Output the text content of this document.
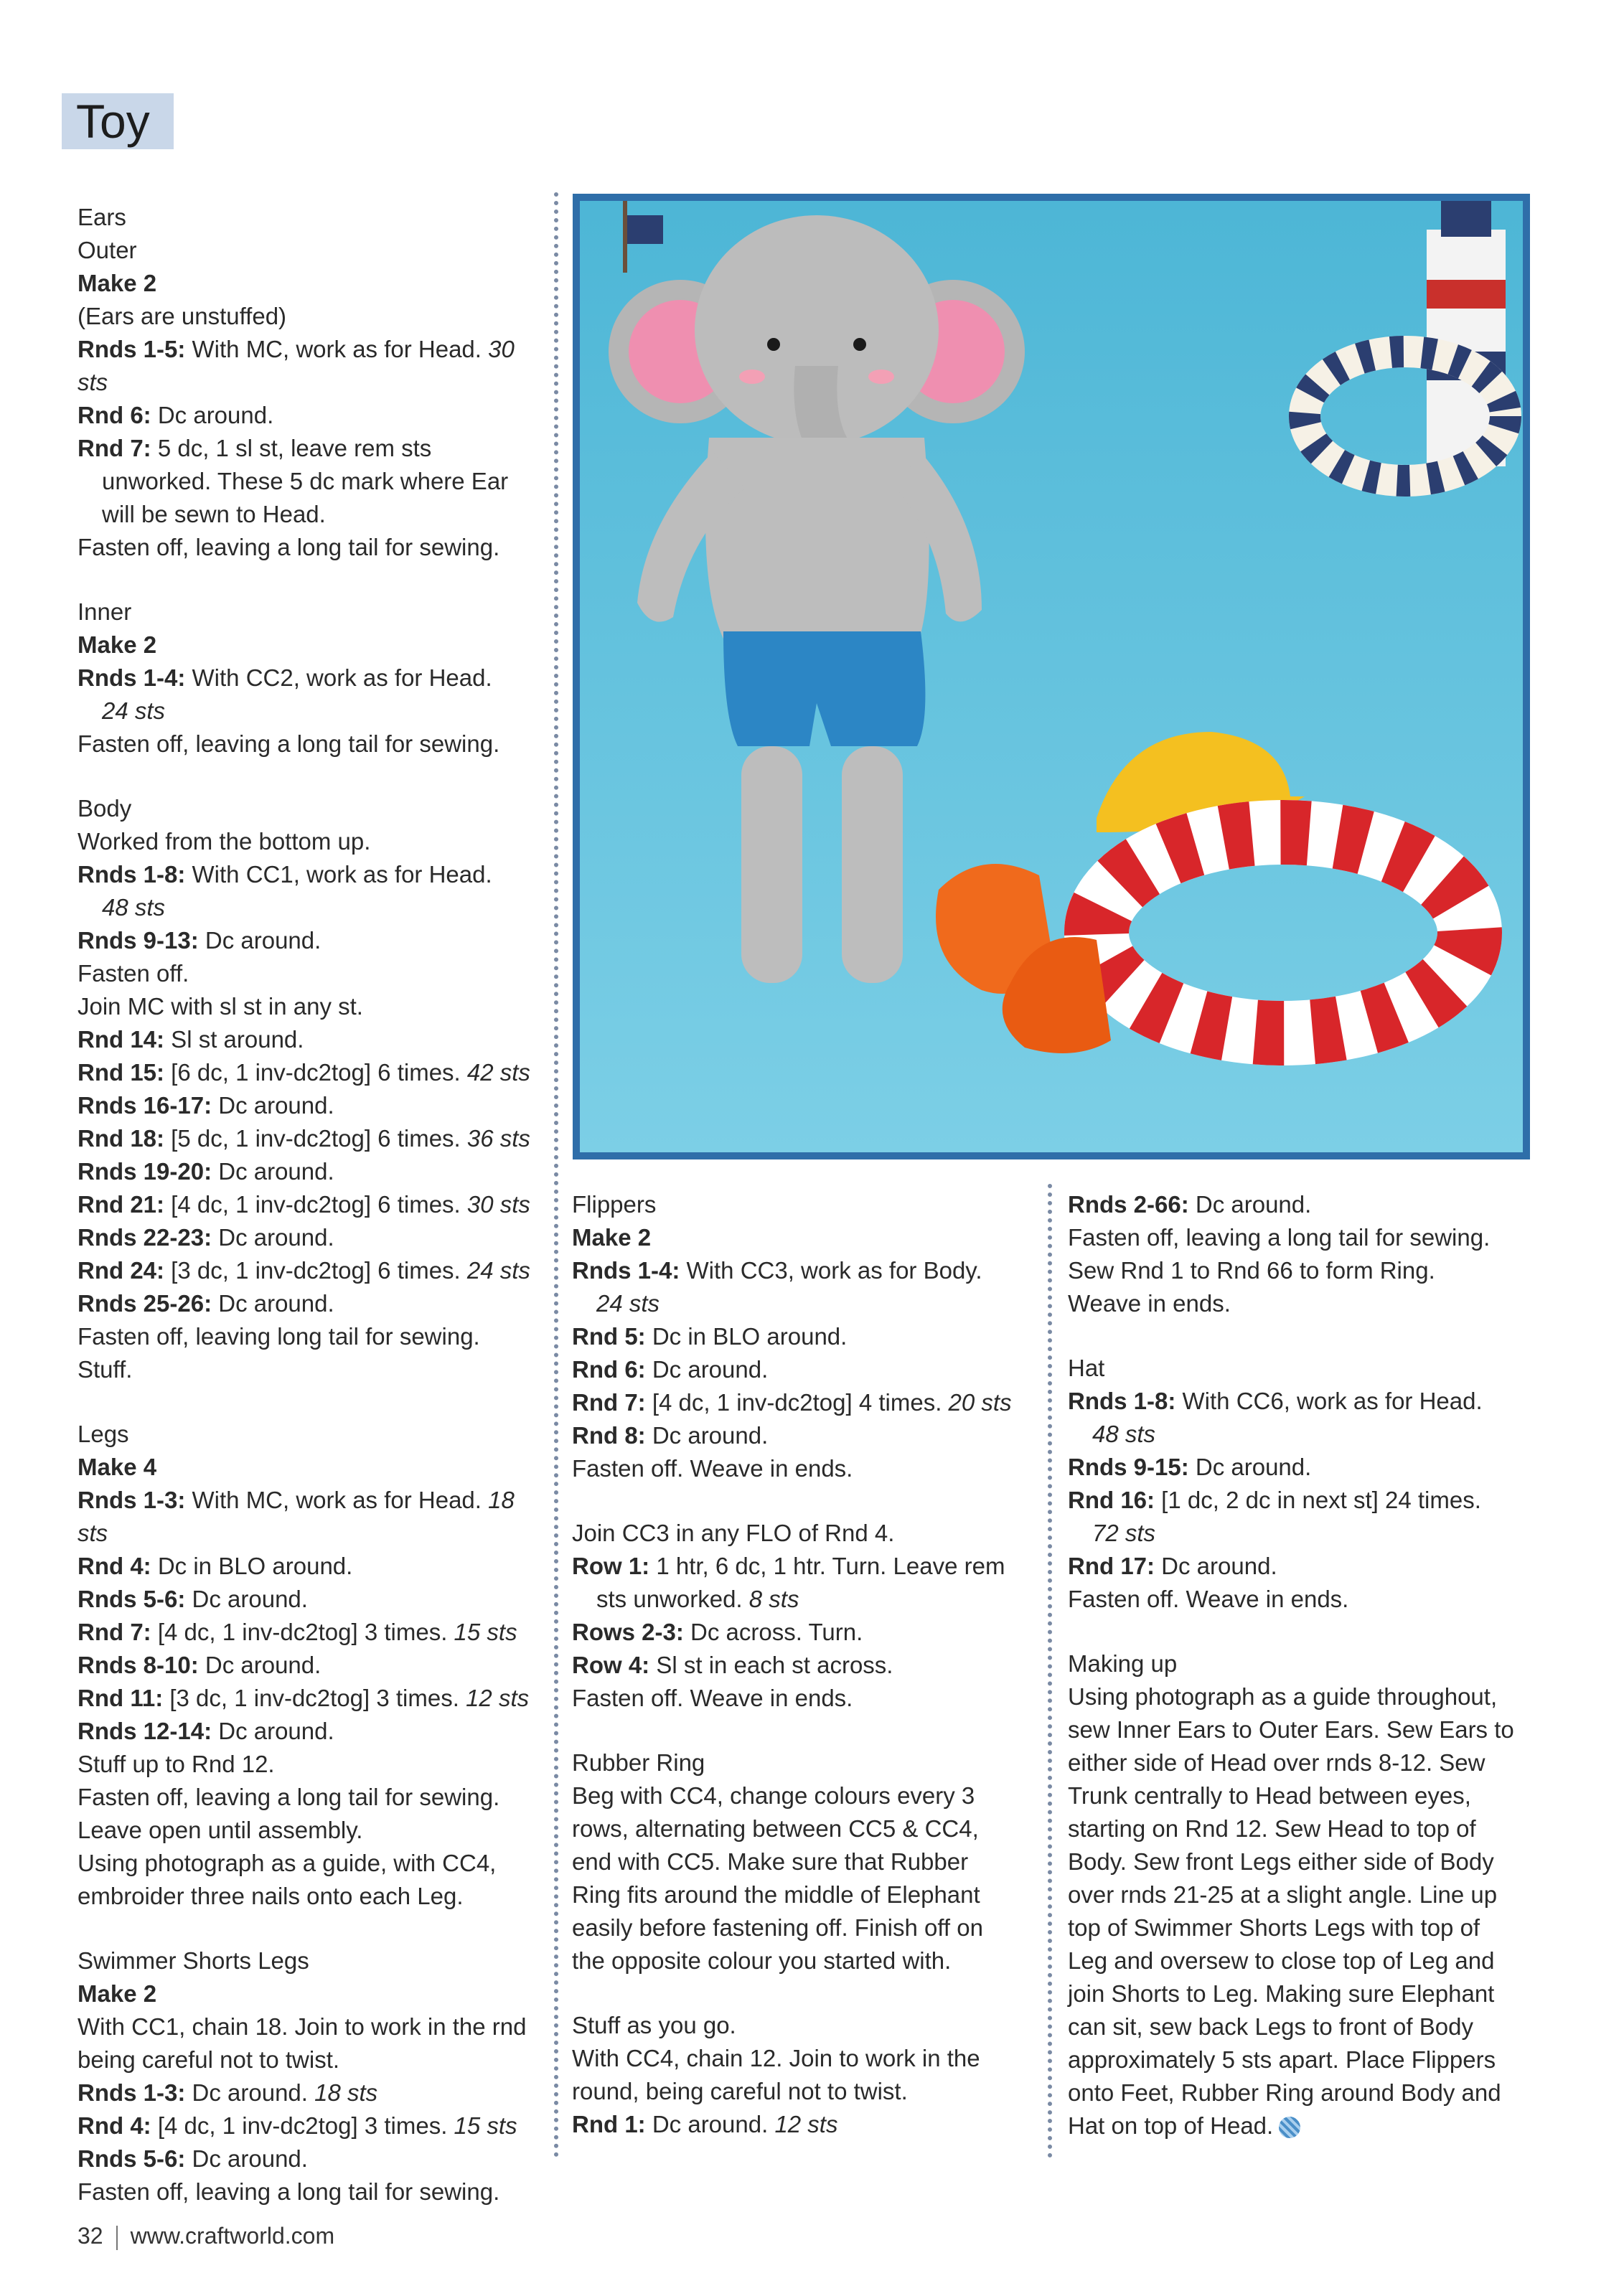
Toy
Ears
Outer
Make 2
(Ears are unstuffed)
Rnds 1-5: With MC, work as for Head. 30 sts
Rnd 6: Dc around.
Rnd 7: 5 dc, 1 sl st, leave rem sts
unworked. These 5 dc mark where Ear
will be sewn to Head.
Fasten off, leaving a long tail for sewing.
Inner
Make 2
Rnds 1-4: With CC2, work as for Head.
24 sts
Fasten off, leaving a long tail for sewing.
Body
Worked from the bottom up.
Rnds 1-8: With CC1, work as for Head.
48 sts
Rnds 9-13: Dc around.
Fasten off.
Join MC with sl st in any st.
Rnd 14: Sl st around.
Rnd 15: [6 dc, 1 inv-dc2tog] 6 times. 42 sts
Rnds 16-17: Dc around.
Rnd 18: [5 dc, 1 inv-dc2tog] 6 times. 36 sts
Rnds 19-20: Dc around.
Rnd 21: [4 dc, 1 inv-dc2tog] 6 times. 30 sts
Rnds 22-23: Dc around.
Rnd 24: [3 dc, 1 inv-dc2tog] 6 times. 24 sts
Rnds 25-26: Dc around.
Fasten off, leaving long tail for sewing.
Stuff.
Legs
Make 4
Rnds 1-3: With MC, work as for Head. 18 sts
Rnd 4: Dc in BLO around.
Rnds 5-6: Dc around.
Rnd 7: [4 dc, 1 inv-dc2tog] 3 times. 15 sts
Rnds 8-10: Dc around.
Rnd 11: [3 dc, 1 inv-dc2tog] 3 times. 12 sts
Rnds 12-14: Dc around.
Stuff up to Rnd 12.
Fasten off, leaving a long tail for sewing.
Leave open until assembly.
Using photograph as a guide, with CC4,
embroider three nails onto each Leg.
Swimmer Shorts Legs
Make 2
With CC1, chain 18. Join to work in the rnd
being careful not to twist.
Rnds 1-3: Dc around. 18 sts
Rnd 4: [4 dc, 1 inv-dc2tog] 3 times. 15 sts
Rnds 5-6: Dc around.
Fasten off, leaving a long tail for sewing.
Flippers
Make 2
Rnds 1-4: With CC3, work as for Body.
24 sts
Rnd 5: Dc in BLO around.
Rnd 6: Dc around.
Rnd 7: [4 dc, 1 inv-dc2tog] 4 times. 20 sts
Rnd 8: Dc around.
Fasten off. Weave in ends.
Join CC3 in any FLO of Rnd 4.
Row 1: 1 htr, 6 dc, 1 htr. Turn. Leave rem
sts unworked. 8 sts
Rows 2-3: Dc across. Turn.
Row 4: Sl st in each st across.
Fasten off. Weave in ends.
Rubber Ring
Beg with CC4, change colours every 3
rows, alternating between CC5 & CC4,
end with CC5. Make sure that Rubber
Ring fits around the middle of Elephant
easily before fastening off. Finish off on
the opposite colour you started with.
Stuff as you go.
With CC4, chain 12. Join to work in the
round, being careful not to twist.
Rnd 1: Dc around. 12 sts
Rnds 2-66: Dc around.
Fasten off, leaving a long tail for sewing.
Sew Rnd 1 to Rnd 66 to form Ring.
Weave in ends.
Hat
Rnds 1-8: With CC6, work as for Head.
48 sts
Rnds 9-15: Dc around.
Rnd 16: [1 dc, 2 dc in next st] 24 times.
72 sts
Rnd 17: Dc around.
Fasten off. Weave in ends.
Making up
Using photograph as a guide throughout,
sew Inner Ears to Outer Ears. Sew Ears to
either side of Head over rnds 8-12. Sew
Trunk centrally to Head between eyes,
starting on Rnd 12. Sew Head to top of
Body. Sew front Legs either side of Body
over rnds 21-25 at a slight angle. Line up
top of Swimmer Shorts Legs with top of
Leg and oversew to close top of Leg and
join Shorts to Leg. Making sure Elephant
can sit, sew back Legs to front of Body
approximately 5 sts apart. Place Flippers
onto Feet, Rubber Ring around Body and
Hat on top of Head.
32 www.craftworld.com
